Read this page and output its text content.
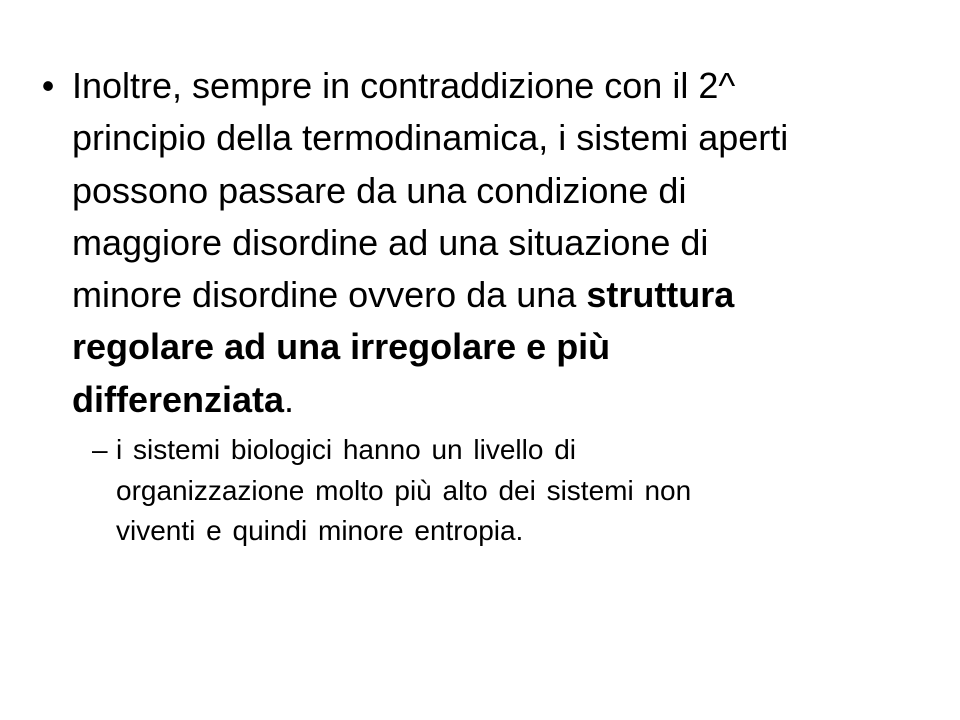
• Inoltre, sempre in contraddizione con il 2^
principio della termodinamica, i sistemi aperti
possono passare da una condizione di
maggiore disordine ad una situazione di
minore disordine ovvero da una struttura
regolare ad una irregolare e più
differenziata.
– i sistemi biologici hanno un livello di
organizzazione molto più alto dei sistemi non
viventi e quindi minore entropia.
